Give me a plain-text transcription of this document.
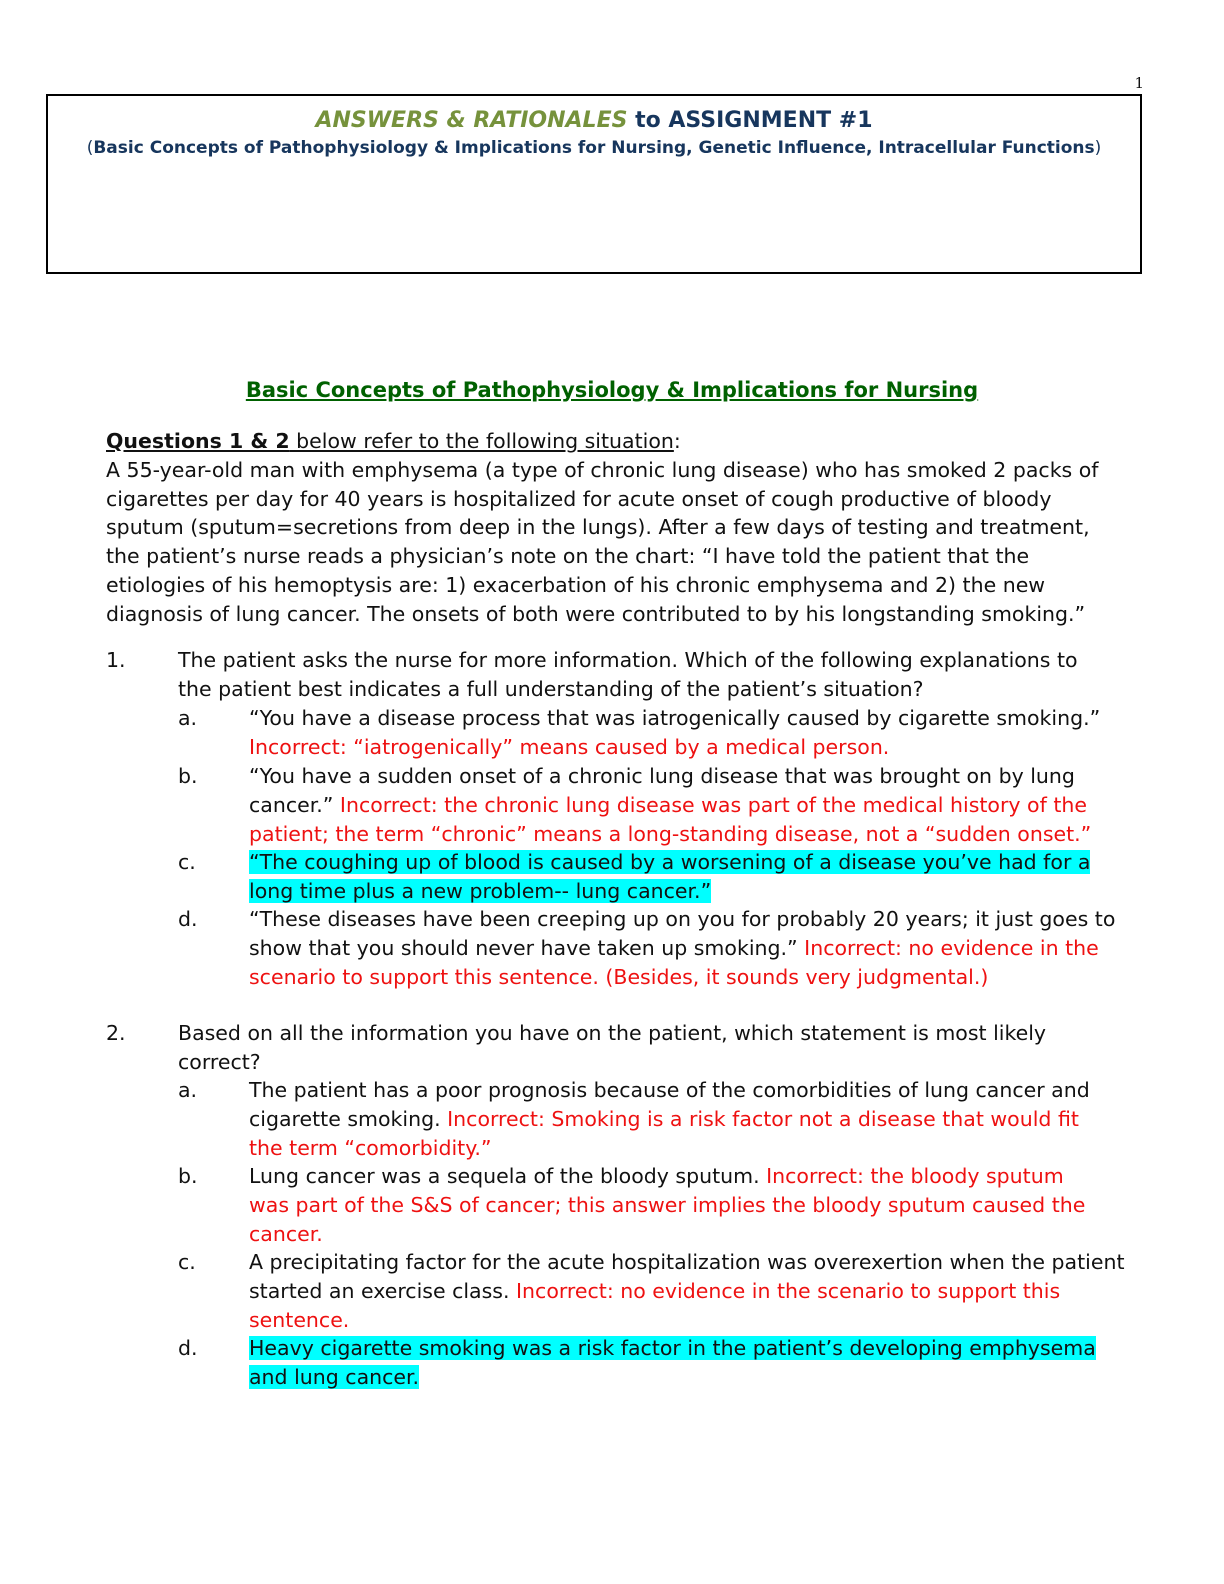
1
ANSWERS & RATIONALES to ASSIGNMENT #1
(Basic Concepts of Pathophysiology & Implications for Nursing, Genetic Influence, Intracellular Functions)
Basic Concepts of Pathophysiology & Implications for Nursing
Questions 1 & 2 below refer to the following situation:
A 55-year-old man with emphysema (a type of chronic lung disease) who has smoked 2 packs of
cigarettes per day for 40 years is hospitalized for acute onset of cough productive of bloody
sputum (sputum=secretions from deep in the lungs). After a few days of testing and treatment,
the patient’s nurse reads a physician’s note on the chart: “I have told the patient that the
etiologies of his hemoptysis are: 1) exacerbation of his chronic emphysema and 2) the new
diagnosis of lung cancer. The onsets of both were contributed to by his longstanding smoking.”
1.	The patient asks the nurse for more information. Which of the following explanations to
the patient best indicates a full understanding of the patient’s situation?
a.	“You have a disease process that was iatrogenically caused by cigarette smoking.”
Incorrect: “iatrogenically” means caused by a medical person.
b.	“You have a sudden onset of a chronic lung disease that was brought on by lung
cancer.” Incorrect: the chronic lung disease was part of the medical history of the
patient; the term “chronic” means a long-standing disease, not a “sudden onset.”
c.	“The coughing up of blood is caused by a worsening of a disease you’ve had for a
long time plus a new problem-- lung cancer.”
d.	“These diseases have been creeping up on you for probably 20 years; it just goes to
show that you should never have taken up smoking.” Incorrect: no evidence in the
scenario to support this sentence. (Besides, it sounds very judgmental.)
2.	Based on all the information you have on the patient, which statement is most likely
correct?
a.	The patient has a poor prognosis because of the comorbidities of lung cancer and
cigarette smoking. Incorrect: Smoking is a risk factor not a disease that would fit
the term “comorbidity.”
b.	Lung cancer was a sequela of the bloody sputum. Incorrect: the bloody sputum
was part of the S&S of cancer; this answer implies the bloody sputum caused the
cancer.
c.	A precipitating factor for the acute hospitalization was overexertion when the patient
started an exercise class. Incorrect: no evidence in the scenario to support this
sentence.
d.	Heavy cigarette smoking was a risk factor in the patient’s developing emphysema
and lung cancer.
